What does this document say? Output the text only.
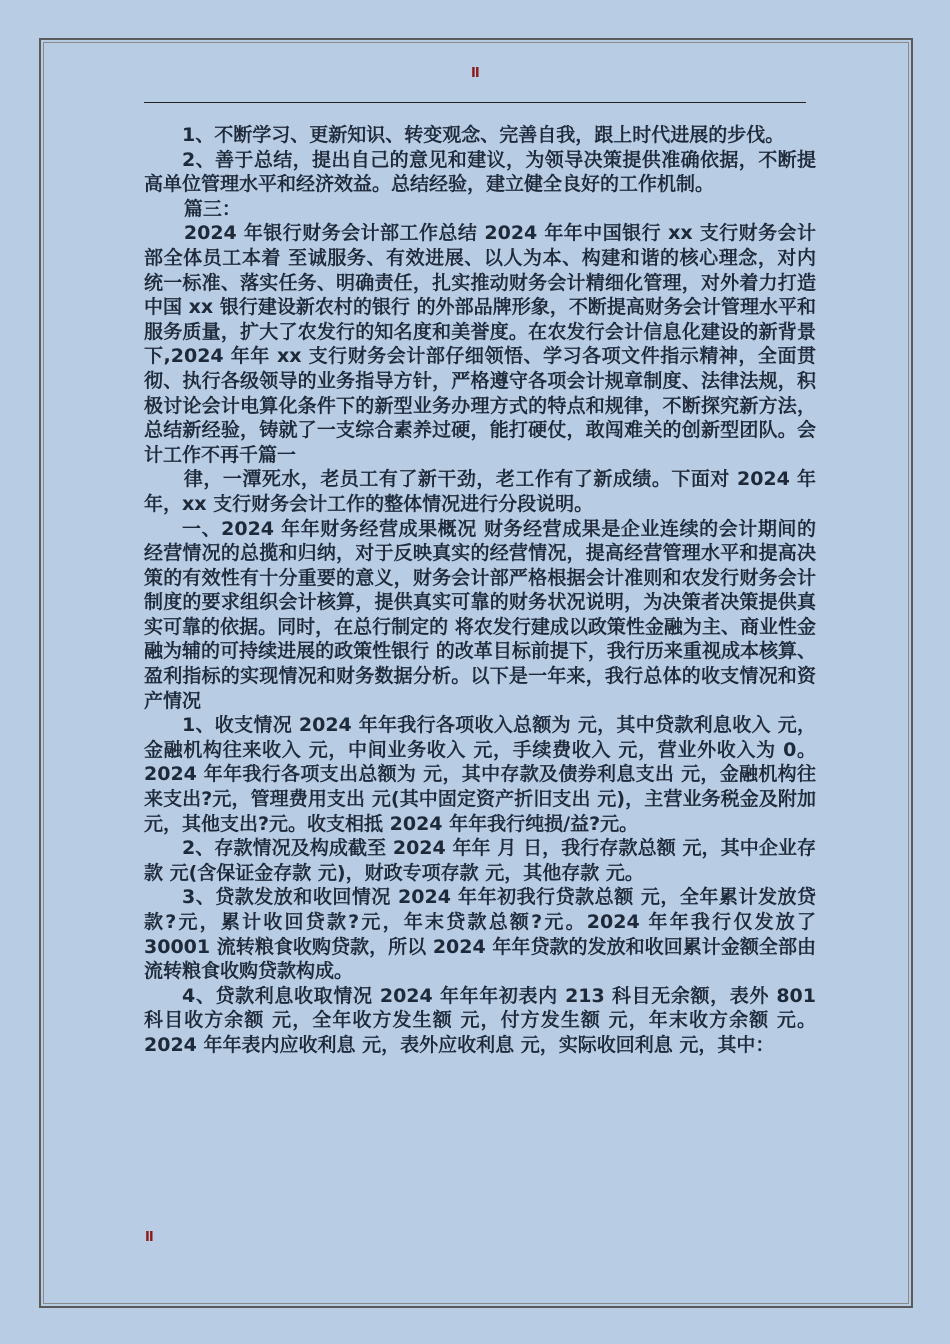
II

1、不断学习、更新知识、转变观念、完善自我，跟上时代进展的步伐。

2、善于总结，提出自己的意见和建议，为领导决策提供准确依据，不断提高单位管理水平和经济效益。总结经验，建立健全良好的工作机制。

篇三：

2024 年银行财务会计部工作总结 2024 年年中国银行 xx 支行财务会计部全体员工本着 至诚服务、有效进展、以人为本、构建和谐的核心理念，对内 统一标准、落实任务、明确责任，扎实推动财务会计精细化管理，对外着力打造 中国 xx 银行建设新农村的银行 的外部品牌形象，不断提高财务会计管理水平和服务质量，扩大了农发行的知名度和美誉度。在农发行会计信息化建设的新背景下,2024 年年 xx 支行财务会计部仔细领悟、学习各项文件指示精神，全面贯彻、执行各级领导的业务指导方针，严格遵守各项会计规章制度、法律法规，积极讨论会计电算化条件下的新型业务办理方式的特点和规律，不断探究新方法，总结新经验，铸就了一支综合素养过硬，能打硬仗，敢闯难关的创新型团队。会计工作不再千篇一

律，一潭死水，老员工有了新干劲，老工作有了新成绩。下面对 2024 年年，xx 支行财务会计工作的整体情况进行分段说明。

一、2024 年年财务经营成果概况 财务经营成果是企业连续的会计期间的经营情况的总揽和归纳，对于反映真实的经营情况，提高经营管理水平和提高决策的有效性有十分重要的意义，财务会计部严格根据会计准则和农发行财务会计制度的要求组织会计核算，提供真实可靠的财务状况说明，为决策者决策提供真实可靠的依据。同时，在总行制定的 将农发行建成以政策性金融为主、商业性金融为辅的可持续进展的政策性银行 的改革目标前提下，我行历来重视成本核算、盈利指标的实现情况和财务数据分析。以下是一年来，我行总体的收支情况和资产情况

1、收支情况 2024 年年我行各项收入总额为 元，其中贷款利息收入 元，金融机构往来收入 元，中间业务收入 元，手续费收入 元，营业外收入为 0。2024 年年我行各项支出总额为 元，其中存款及债券利息支出 元，金融机构往来支出?元，管理费用支出 元(其中固定资产折旧支出 元)，主营业务税金及附加 元，其他支出?元。收支相抵 2024 年年我行纯损/益?元。

2、存款情况及构成截至 2024 年年 月 日，我行存款总额 元，其中企业存款 元(含保证金存款 元)，财政专项存款 元，其他存款 元。

3、贷款发放和收回情况 2024 年年初我行贷款总额 元，全年累计发放贷款?元，累计收回贷款?元，年末贷款总额?元。2024 年年我行仅发放了 30001 流转粮食收购贷款，所以 2024 年年贷款的发放和收回累计金额全部由流转粮食收购贷款构成。

4、贷款利息收取情况 2024 年年年初表内 213 科目无余额，表外 801 科目收方余额 元，全年收方发生额 元，付方发生额 元，年末收方余额 元。2024 年年表内应收利息 元，表外应收利息 元，实际收回利息 元，其中：

II
